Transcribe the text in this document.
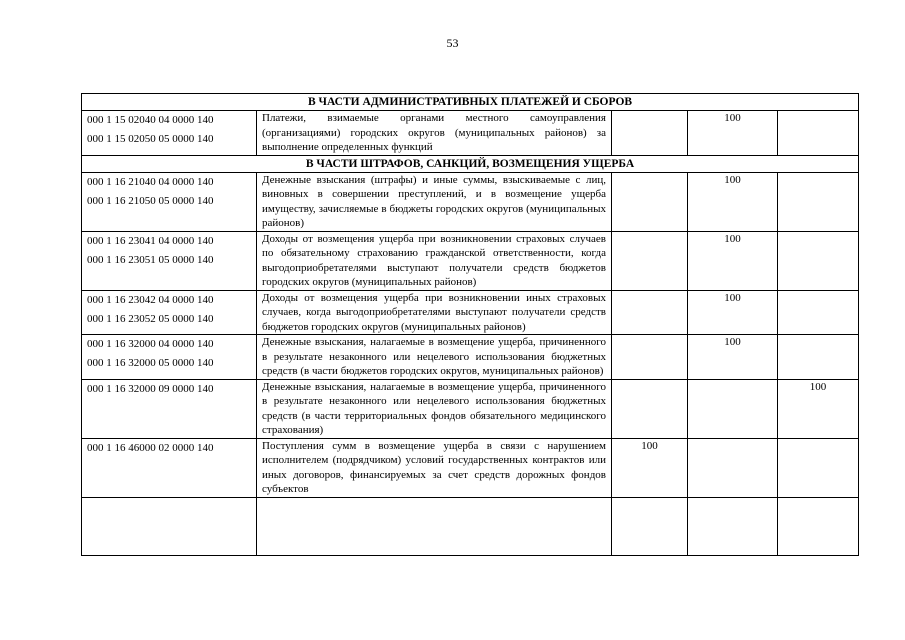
53
В ЧАСТИ АДМИНИСТРАТИВНЫХ ПЛАТЕЖЕЙ И СБОРОВ				

000 1 15 02040 04 0000 140
000 1 15 02050 05 0000 140	Платежи, взимаемые органами местного самоуправления (организациями) городских округов (муниципальных районов) за выполнение определенных функций		100	
В ЧАСТИ ШТРАФОВ, САНКЦИЙ, ВОЗМЕЩЕНИЯ УЩЕРБА				

000 1 16 21040 04 0000 140
000 1 16 21050 05 0000 140	Денежные взыскания (штрафы) и иные суммы, взыскиваемые с лиц, виновных в совершении преступлений, и в возмещение ущерба имуществу, зачисляемые в бюджеты городских округов (муниципальных районов)		100	

000 1 16 23041 04 0000 140
000 1 16 23051 05 0000 140	Доходы от возмещения ущерба при возникновении страховых случаев по обязательному страхованию гражданской ответственности, когда выгодоприобретателями выступают получатели средств бюджетов городских округов (муниципальных районов)		100	

000 1 16 23042 04 0000 140
000 1 16 23052 05 0000 140	Доходы от возмещения ущерба при возникновении иных страховых случаев, когда выгодоприобретателями выступают получатели средств бюджетов городских округов (муниципальных районов)		100	

000 1 16 32000 04 0000 140
000 1 16 32000 05 0000 140	Денежные взыскания, налагаемые в возмещение ущерба, причиненного в результате незаконного или нецелевого использования бюджетных средств (в части бюджетов городских округов, муниципальных районов)		100	

000 1 16 32000 09 0000 140	Денежные взыскания, налагаемые в возмещение ущерба, причиненного в результате незаконного или нецелевого использования бюджетных средств (в части территориальных фондов обязательного медицинского страхования)			100

000 1 16 46000 02 0000 140	Поступления сумм в возмещение ущерба в связи с нарушением исполнителем (подрядчиком) условий государственных контрактов или иных договоров, финансируемых за счет средств дорожных фондов субъектов	100		
